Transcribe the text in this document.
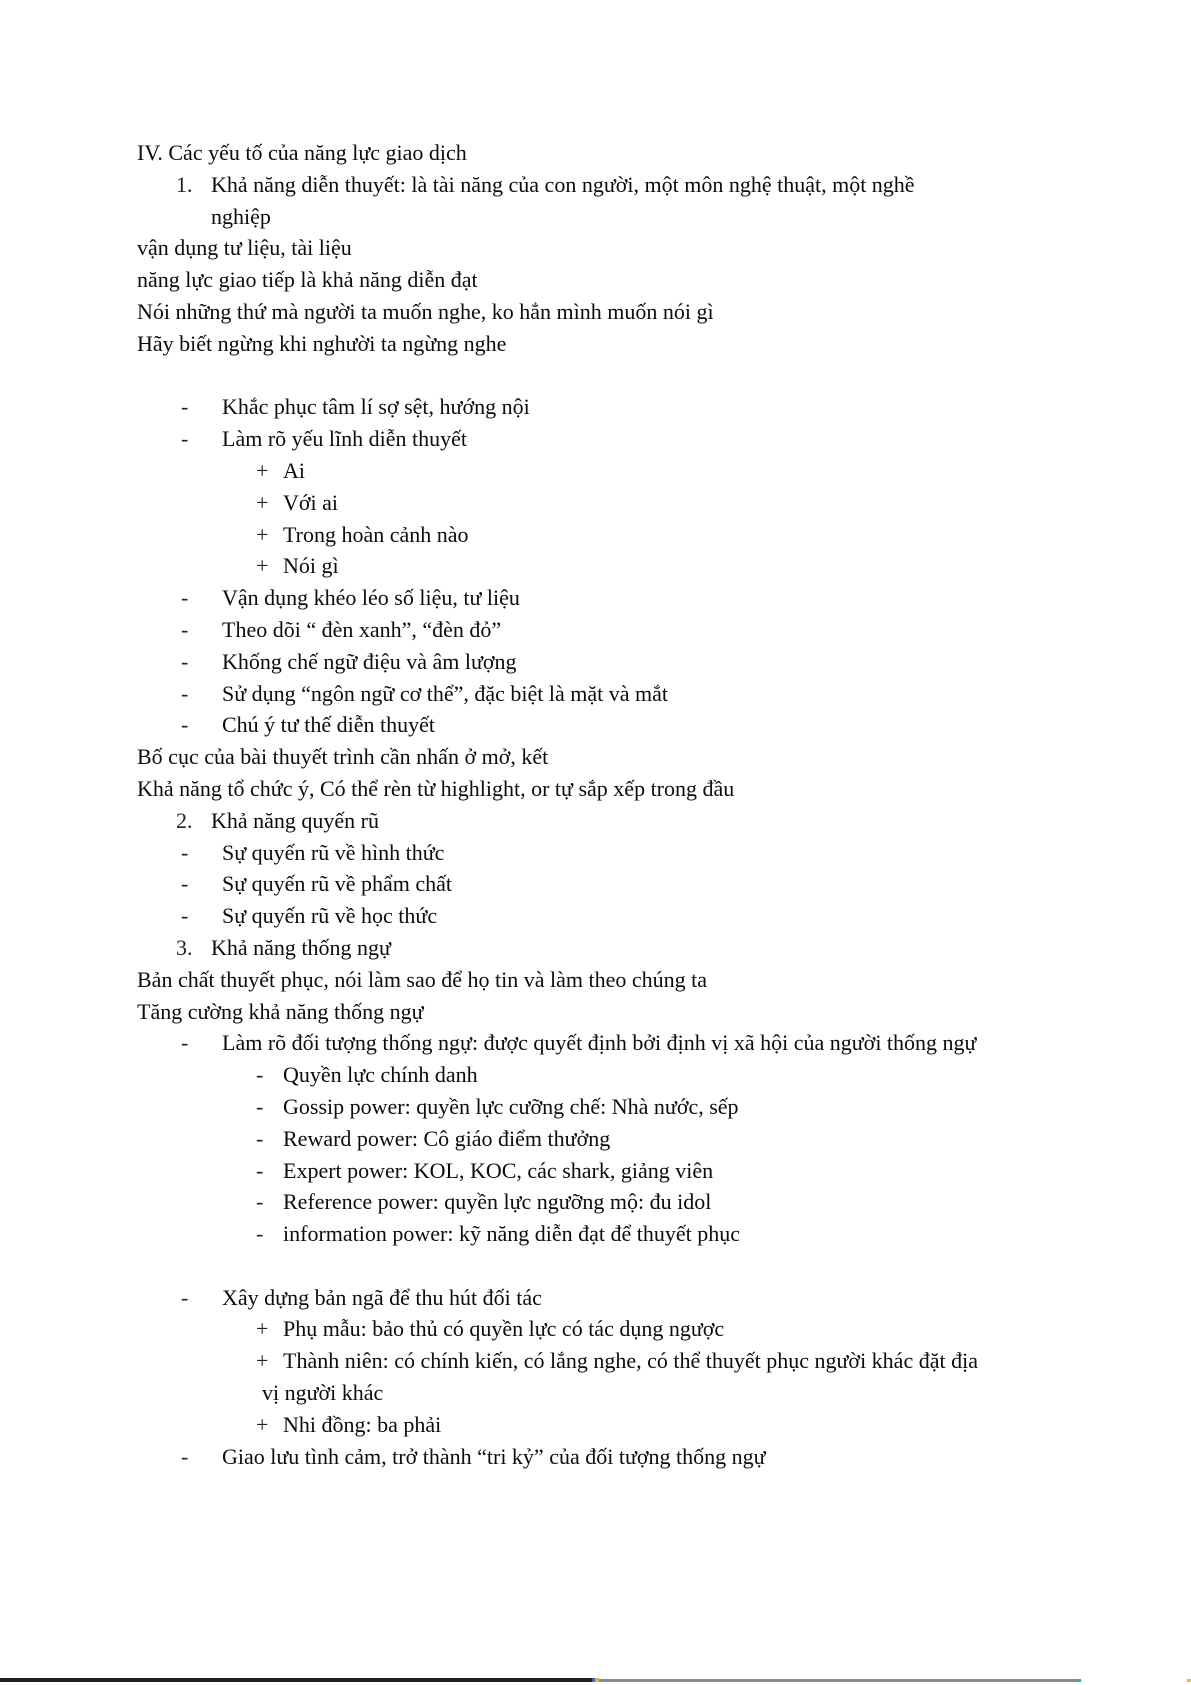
IV. Các yếu tố của năng lực giao dịch
1. Khả năng diễn thuyết: là tài năng của con người, một môn nghệ thuật, một nghề
nghiệp
vận dụng tư liệu, tài liệu
năng lực giao tiếp là khả năng diễn đạt
Nói những thứ mà người ta muốn nghe, ko hẳn mình muốn nói gì
Hãy biết ngừng khi nghười ta ngừng nghe
- Khắc phục tâm lí sợ sệt, hướng nội
- Làm rõ yếu lĩnh diễn thuyết
+ Ai
+ Với ai
+ Trong hoàn cảnh nào
+ Nói gì
- Vận dụng khéo léo số liệu, tư liệu
- Theo dõi “ đèn xanh”, “đèn đỏ”
- Khống chế ngữ điệu và âm lượng
- Sử dụng “ngôn ngữ cơ thể”, đặc biệt là mặt và mắt
- Chú ý tư thế diễn thuyết
Bố cục của bài thuyết trình cần nhấn ở mở, kết
Khả năng tổ chức ý, Có thể rèn từ highlight, or tự sắp xếp trong đầu
2. Khả năng quyến rũ
- Sự quyến rũ về hình thức
- Sự quyến rũ về phẩm chất
- Sự quyến rũ về học thức
3. Khả năng thống ngự
Bản chất thuyết phục, nói làm sao để họ tin và làm theo chúng ta
Tăng cường khả năng thống ngự
- Làm rõ đối tượng thống ngự: được quyết định bởi định vị xã hội của người thống ngự
- Quyền lực chính danh
- Gossip power: quyền lực cưỡng chế: Nhà nước, sếp
- Reward power: Cô giáo điểm thưởng
- Expert power: KOL, KOC, các shark, giảng viên
- Reference power: quyền lực ngưỡng mộ: đu idol
- information power: kỹ năng diễn đạt để thuyết phục
- Xây dựng bản ngã để thu hút đối tác
+ Phụ mẫu: bảo thủ có quyền lực có tác dụng ngược
+ Thành niên: có chính kiến, có lắng nghe, có thể thuyết phục người khác đặt địa
vị người khác
+ Nhi đồng: ba phải
- Giao lưu tình cảm, trở thành “tri kỷ” của đối tượng thống ngự
